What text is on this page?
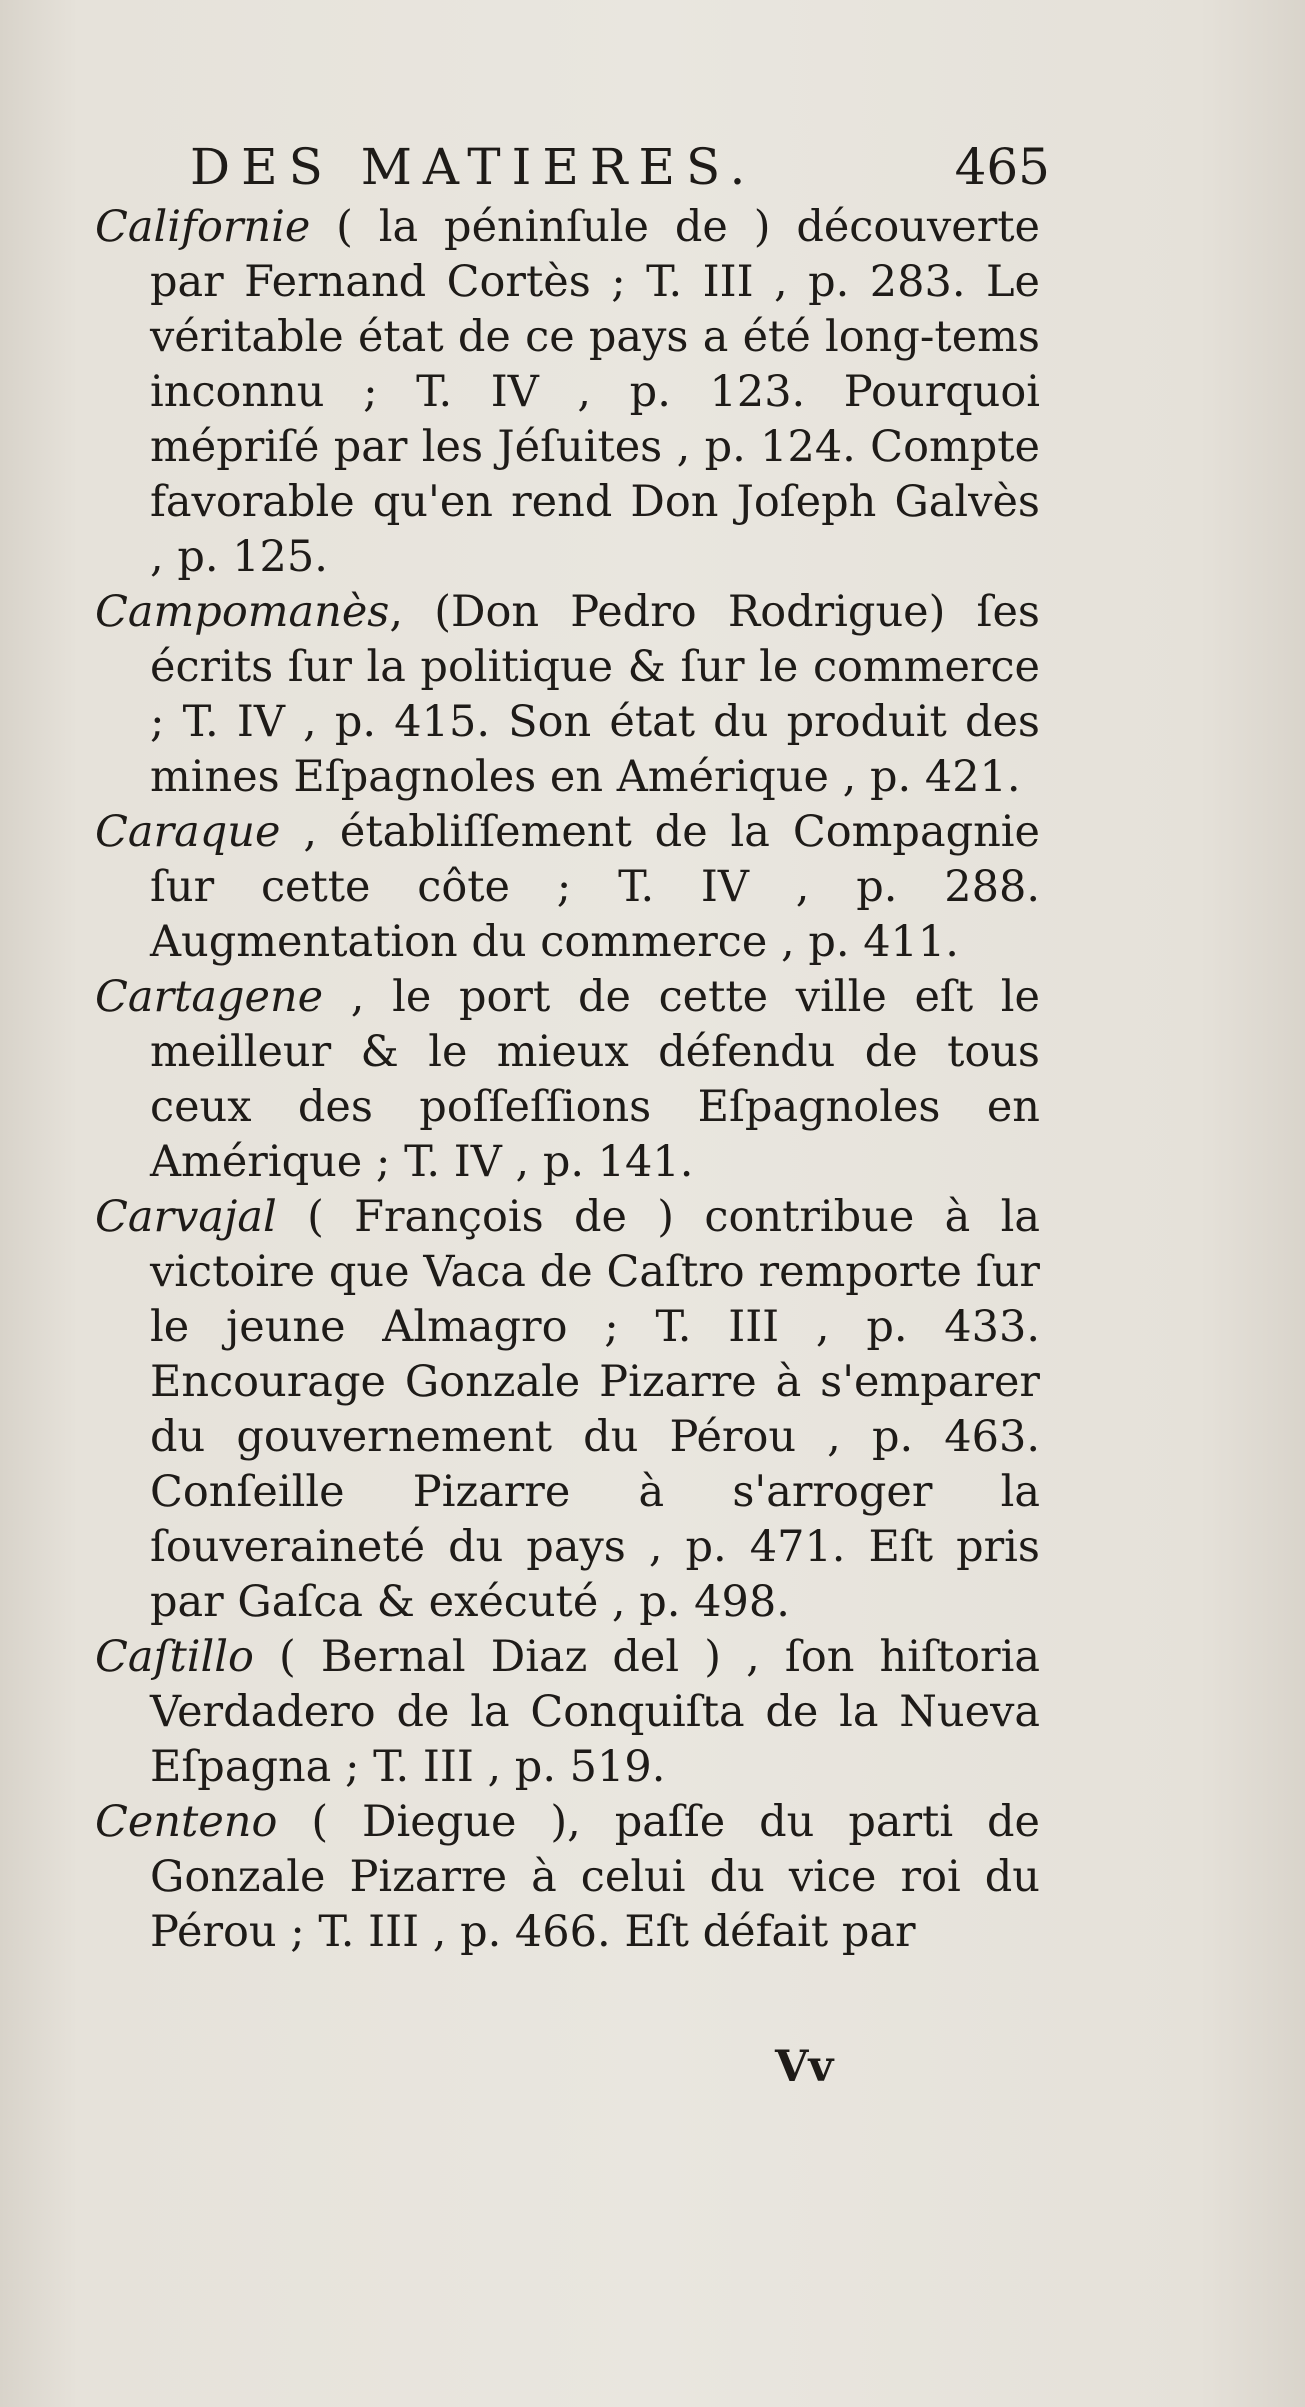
DES MATIERES.	465

Californie ( la péninſule de ) découverte par Fernand Cortès ; T. III , p. 283. Le véritable état de ce pays a été long-tems inconnu ; T. IV , p. 123. Pourquoi mépriſé par les Jéſuites , p. 124. Compte favorable qu'en rend Don Joſeph Galvès , p. 125.

Campomanès, (Don Pedro Rodrigue) ſes écrits ſur la politique & ſur le commerce ; T. IV , p. 415. Son état du produit des mines Eſpagnoles en Amérique , p. 421.

Caraque , établiſſement de la Compagnie ſur cette côte ; T. IV , p. 288. Augmentation du commerce , p. 411.

Cartagene , le port de cette ville eſt le meilleur & le mieux défendu de tous ceux des poſſeſſions Eſpagnoles en Amérique ; T. IV , p. 141.

Carvajal ( François de ) contribue à la victoire que Vaca de Caſtro remporte ſur le jeune Almagro ; T. III , p. 433. Encourage Gonzale Pizarre à s'emparer du gouvernement du Pérou , p. 463. Conſeille Pizarre à s'arroger la ſouveraineté du pays , p. 471. Eſt pris par Gaſca & exécuté , p. 498.

Caſtillo ( Bernal Diaz del ) , ſon hiſtoria Verdadero de la Conquiſta de la Nueva Eſpagna ; T. III , p. 519.

Centeno ( Diegue ), paſſe du parti de Gonzale Pizarre à celui du vice roi du Pérou ; T. III , p. 466. Eſt défait par

Vv
